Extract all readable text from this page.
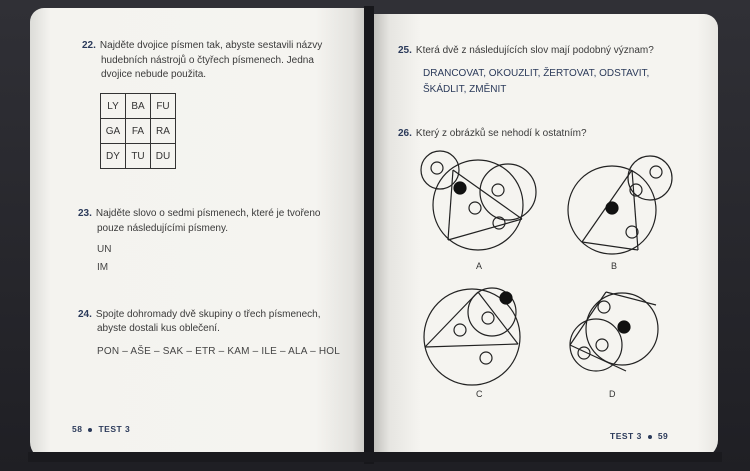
22. Najděte dvojice písmen tak, abyste sestavili názvy
hudebních nástrojů o čtyřech písmenech. Jedna
dvojice nebude použita.
LY	BA	FU
GA	FA	RA
DY	TU	DU
23. Najděte slovo o sedmi písmenech, které je tvořeno
pouze následujícími písmeny.
UN
IM
24. Spojte dohromady dvě skupiny o třech písmenech,
abyste dostali kus oblečení.
PON – AŠE – SAK – ETR – KAM – ILE – ALA – HOL
58 TEST 3
25. Která dvě z následujících slov mají podobný význam?
DRANCOVAT, OKOUZLIT, ŽERTOVAT, ODSTAVIT,
ŠKÁDLIT, ZMĚNIT
26. Který z obrázků se nehodí k ostatním?
A	B
C	D
TEST 3 59
